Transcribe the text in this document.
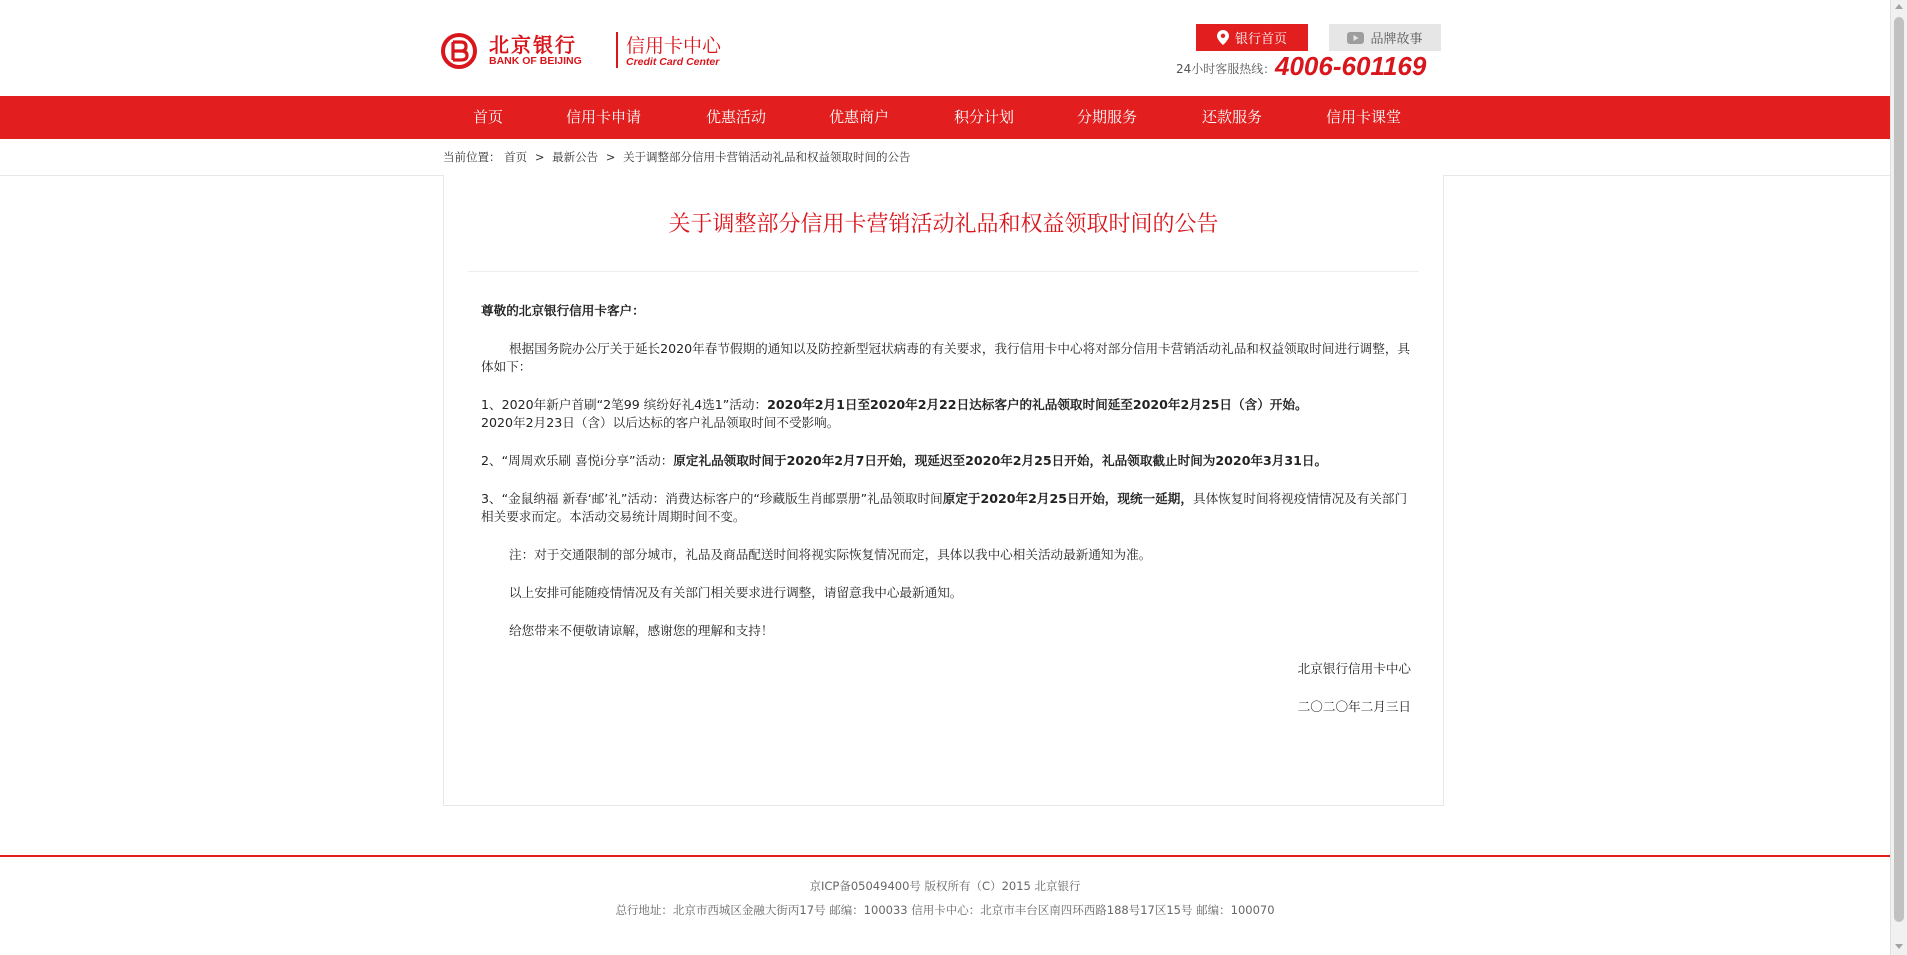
北京银行
BANK OF BEIJING
信用卡中心
Credit Card Center
银行首页	品牌故事
24小时客服热线： 4006-601169
首页	信用卡申请	优惠活动	优惠商户	积分计划	分期服务	还款服务	信用卡课堂
当前位置： 首页 > 最新公告 > 关于调整部分信用卡营销活动礼品和权益领取时间的公告
关于调整部分信用卡营销活动礼品和权益领取时间的公告

尊敬的北京银行信用卡客户：

根据国务院办公厅关于延长2020年春节假期的通知以及防控新型冠状病毒的有关要求，我行信用卡中心将对部分信用卡营销活动礼品和权益领取时间进行调整，具体如下：

1、2020年新户首刷“2笔99 缤纷好礼4选1”活动：2020年2月1日至2020年2月22日达标客户的礼品领取时间延至2020年2月25日（含）开始。
2020年2月23日（含）以后达标的客户礼品领取时间不受影响。

2、“周周欢乐刷 喜悦i分享”活动：原定礼品领取时间于2020年2月7日开始，现延迟至2020年2月25日开始，礼品领取截止时间为2020年3月31日。

3、“金鼠纳福 新春‘邮’礼”活动：消费达标客户的“珍藏版生肖邮票册”礼品领取时间原定于2020年2月25日开始，现统一延期，具体恢复时间将视疫情情况及有关部门相关要求而定。本活动交易统计周期时间不变。

注：对于交通限制的部分城市，礼品及商品配送时间将视实际恢复情况而定，具体以我中心相关活动最新通知为准。

以上安排可能随疫情情况及有关部门相关要求进行调整，请留意我中心最新通知。

给您带来不便敬请谅解，感谢您的理解和支持！

北京银行信用卡中心

二〇二〇年二月三日

京ICP备05049400号 版权所有（C）2015 北京银行
总行地址：北京市西城区金融大街丙17号 邮编：100033 信用卡中心：北京市丰台区南四环西路188号17区15号 邮编：100070
